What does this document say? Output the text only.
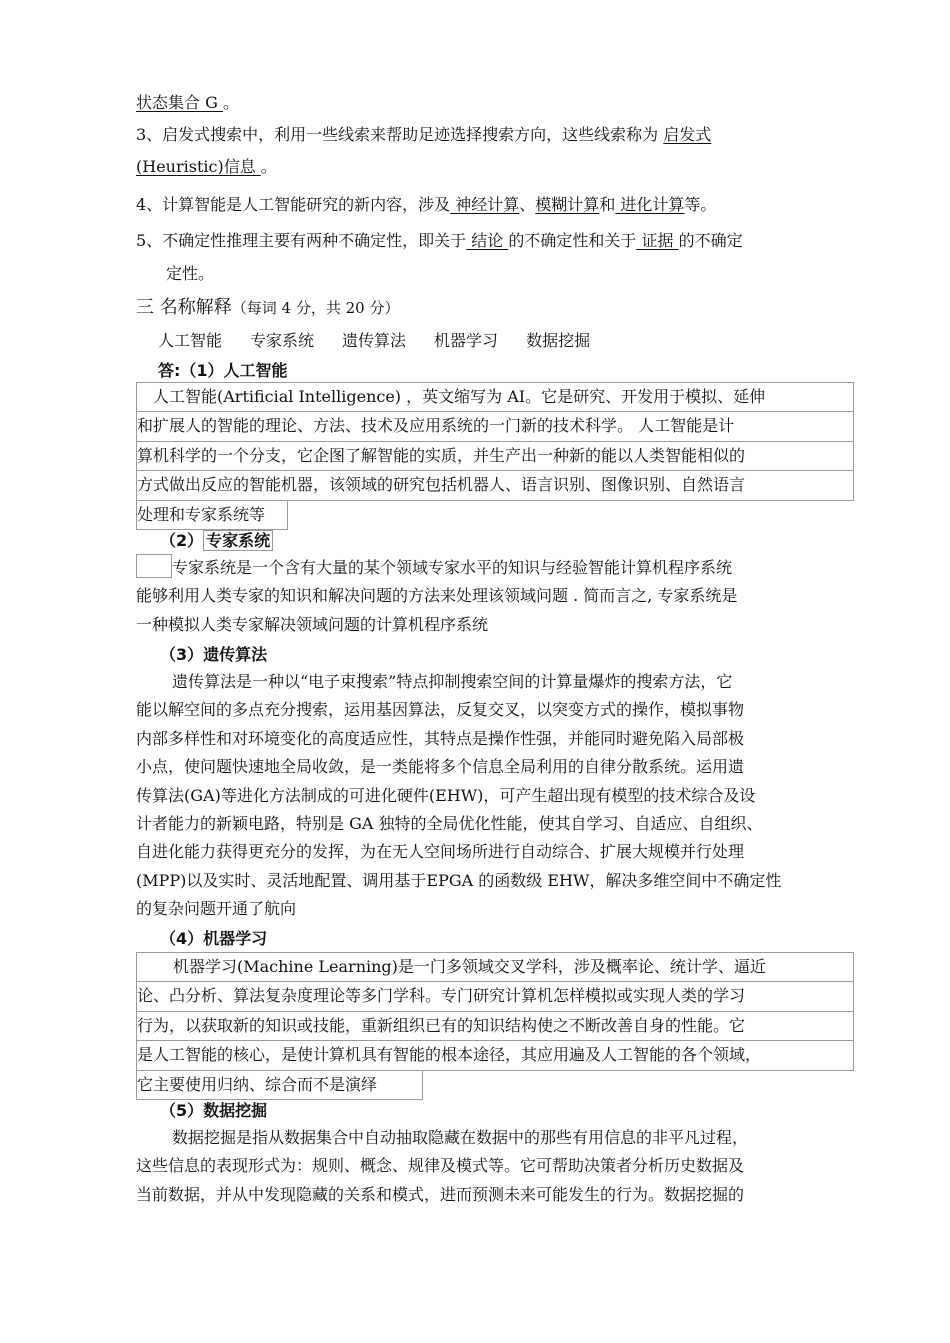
状态集合 G 。
3、启发式搜索中，利用一些线索来帮助足迹选择搜索方向，这些线索称为 启发式
(Heuristic)信息 。
4、计算智能是人工智能研究的新内容，涉及 神经计算、模糊计算和 进化计算等。
5、不确定性推理主要有两种不确定性，即关于 结论 的不确定性和关于 证据 的不确定
定性。
三 名称解释（每词 4 分，共 20 分）
人工智能 专家系统 遗传算法 机器学习 数据挖掘
答:（1）人工智能

人工智能(Artificial Intelligence) ，英文缩写为 AI。它是研究、开发用于模拟、延伸

和扩展人的智能的理论、方法、技术及应用系统的一门新的技术科学。 人工智能是计

算机科学的一个分支，它企图了解智能的实质，并生产出一种新的能以人类智能相似的

方式做出反应的智能机器，该领域的研究包括机器人、语言识别、图像识别、自然语言

处理和专家系统等

（2） 专家系统

专家系统是一个含有大量的某个领域专家水平的知识与经验智能计算机程序系统

能够利用人类专家的知识和解决问题的方法来处理该领域问题 . 简而言之, 专家系统是

一种模拟人类专家解决领域问题的计算机程序系统

（3）遗传算法

遗传算法是一种以“电子束搜索”特点抑制搜索空间的计算量爆炸的搜索方法，它

能以解空间的多点充分搜索，运用基因算法，反复交叉，以突变方式的操作，模拟事物

内部多样性和对环境变化的高度适应性，其特点是操作性强，并能同时避免陷入局部极

小点，使问题快速地全局收敛，是一类能将多个信息全局利用的自律分散系统。运用遗

传算法(GA)等进化方法制成的可进化硬件(EHW)，可产生超出现有模型的技术综合及设

计者能力的新颖电路，特别是 GA 独特的全局优化性能，使其自学习、自适应、自组织、

自进化能力获得更充分的发挥，为在无人空间场所进行自动综合、扩展大规模并行处理

(MPP)以及实时、灵活地配置、调用基于EPGA 的函数级 EHW，解决多维空间中不确定性

的复杂问题开通了航向

（4）机器学习

机器学习(Machine Learning)是一门多领域交叉学科，涉及概率论、统计学、逼近

论、凸分析、算法复杂度理论等多门学科。专门研究计算机怎样模拟或实现人类的学习

行为，以获取新的知识或技能，重新组织已有的知识结构使之不断改善自身的性能。它

是人工智能的核心，是使计算机具有智能的根本途径，其应用遍及人工智能的各个领域，

它主要使用归纳、综合而不是演绎

（5）数据挖掘

数据挖掘是指从数据集合中自动抽取隐藏在数据中的那些有用信息的非平凡过程，

这些信息的表现形式为：规则、概念、规律及模式等。它可帮助决策者分析历史数据及

当前数据，并从中发现隐藏的关系和模式，进而预测未来可能发生的行为。数据挖掘的
